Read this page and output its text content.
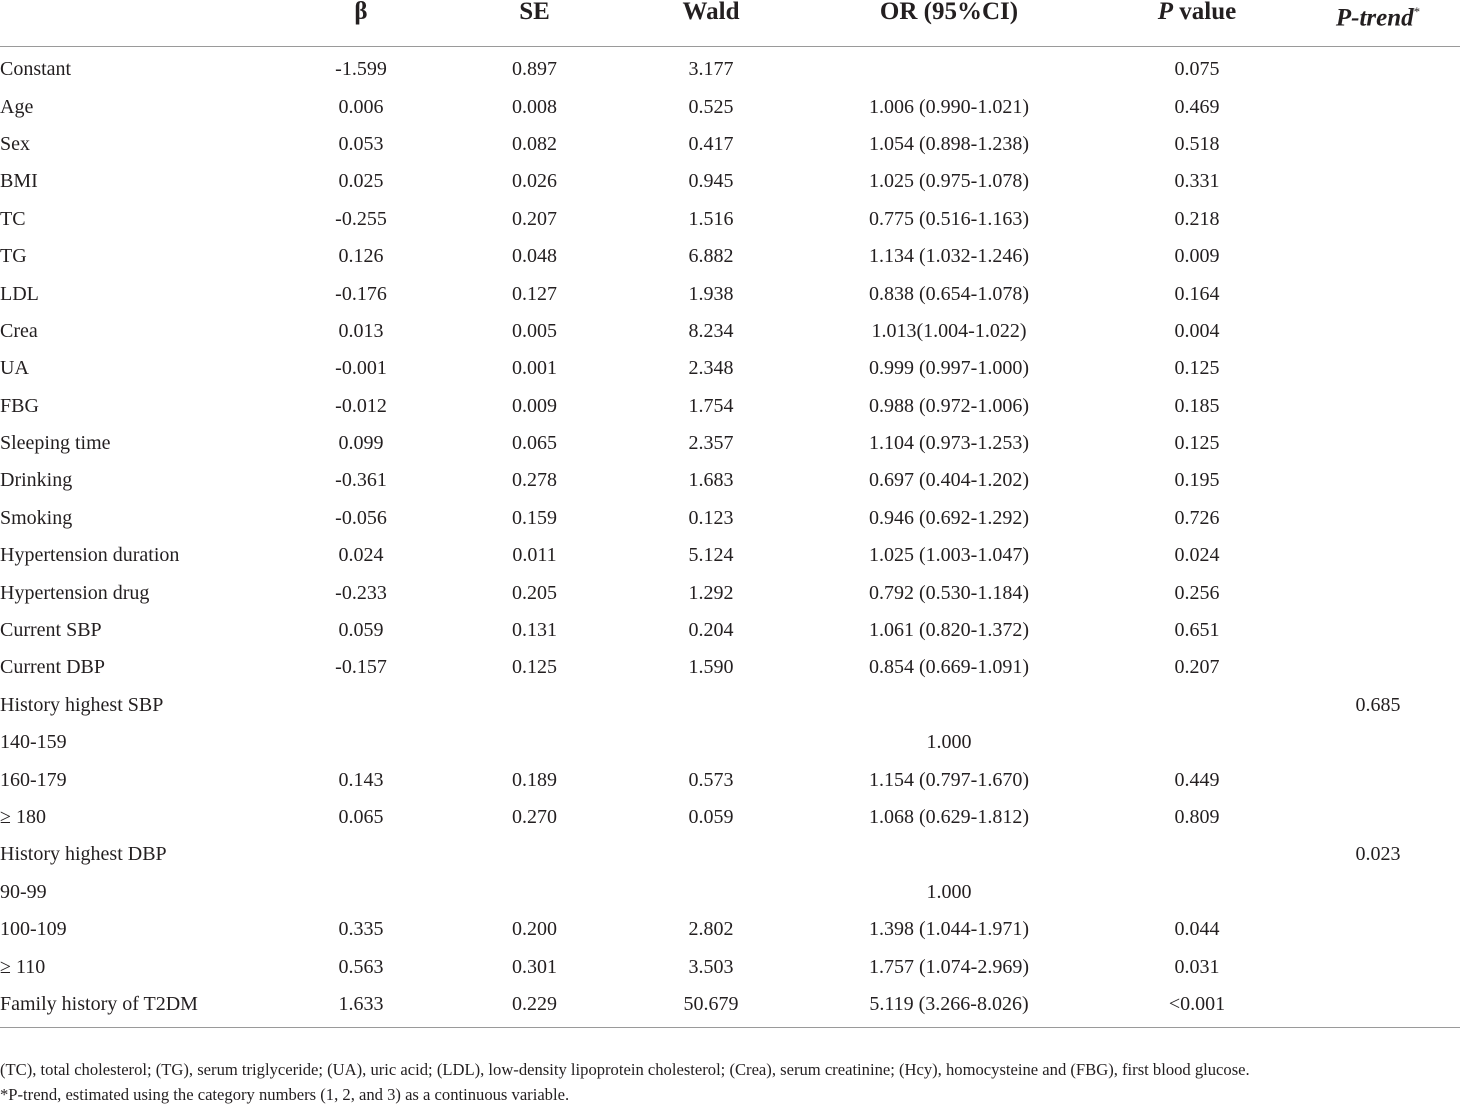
	β	SE	Wald	OR (95%CI)	P value	P-trend*
Constant	-1.599	0.897	3.177		0.075	
Age	0.006	0.008	0.525	1.006 (0.990-1.021)	0.469	
Sex	0.053	0.082	0.417	1.054 (0.898-1.238)	0.518	
BMI	0.025	0.026	0.945	1.025 (0.975-1.078)	0.331	
TC	-0.255	0.207	1.516	0.775 (0.516-1.163)	0.218	
TG	0.126	0.048	6.882	1.134 (1.032-1.246)	0.009	
LDL	-0.176	0.127	1.938	0.838 (0.654-1.078)	0.164	
Crea	0.013	0.005	8.234	1.013(1.004-1.022)	0.004	
UA	-0.001	0.001	2.348	0.999 (0.997-1.000)	0.125	
FBG	-0.012	0.009	1.754	0.988 (0.972-1.006)	0.185	
Sleeping time	0.099	0.065	2.357	1.104 (0.973-1.253)	0.125	
Drinking	-0.361	0.278	1.683	0.697 (0.404-1.202)	0.195	
Smoking	-0.056	0.159	0.123	0.946 (0.692-1.292)	0.726	
Hypertension duration	0.024	0.011	5.124	1.025 (1.003-1.047)	0.024	
Hypertension drug	-0.233	0.205	1.292	0.792 (0.530-1.184)	0.256	
Current SBP	0.059	0.131	0.204	1.061 (0.820-1.372)	0.651	
Current DBP	-0.157	0.125	1.590	0.854 (0.669-1.091)	0.207	
History highest SBP						0.685
140-159				1.000		
160-179	0.143	0.189	0.573	1.154 (0.797-1.670)	0.449	
≥ 180	0.065	0.270	0.059	1.068 (0.629-1.812)	0.809	
History highest DBP						0.023
90-99				1.000		
100-109	0.335	0.200	2.802	1.398 (1.044-1.971)	0.044	
≥ 110	0.563	0.301	3.503	1.757 (1.074-2.969)	0.031	
Family history of T2DM	1.633	0.229	50.679	5.119 (3.266-8.026)	<0.001	
(TC), total cholesterol; (TG), serum triglyceride; (UA), uric acid; (LDL), low-density lipoprotein cholesterol; (Crea), serum creatinine; (Hcy), homocysteine and (FBG), first blood glucose.
*P-trend, estimated using the category numbers (1, 2, and 3) as a continuous variable.
